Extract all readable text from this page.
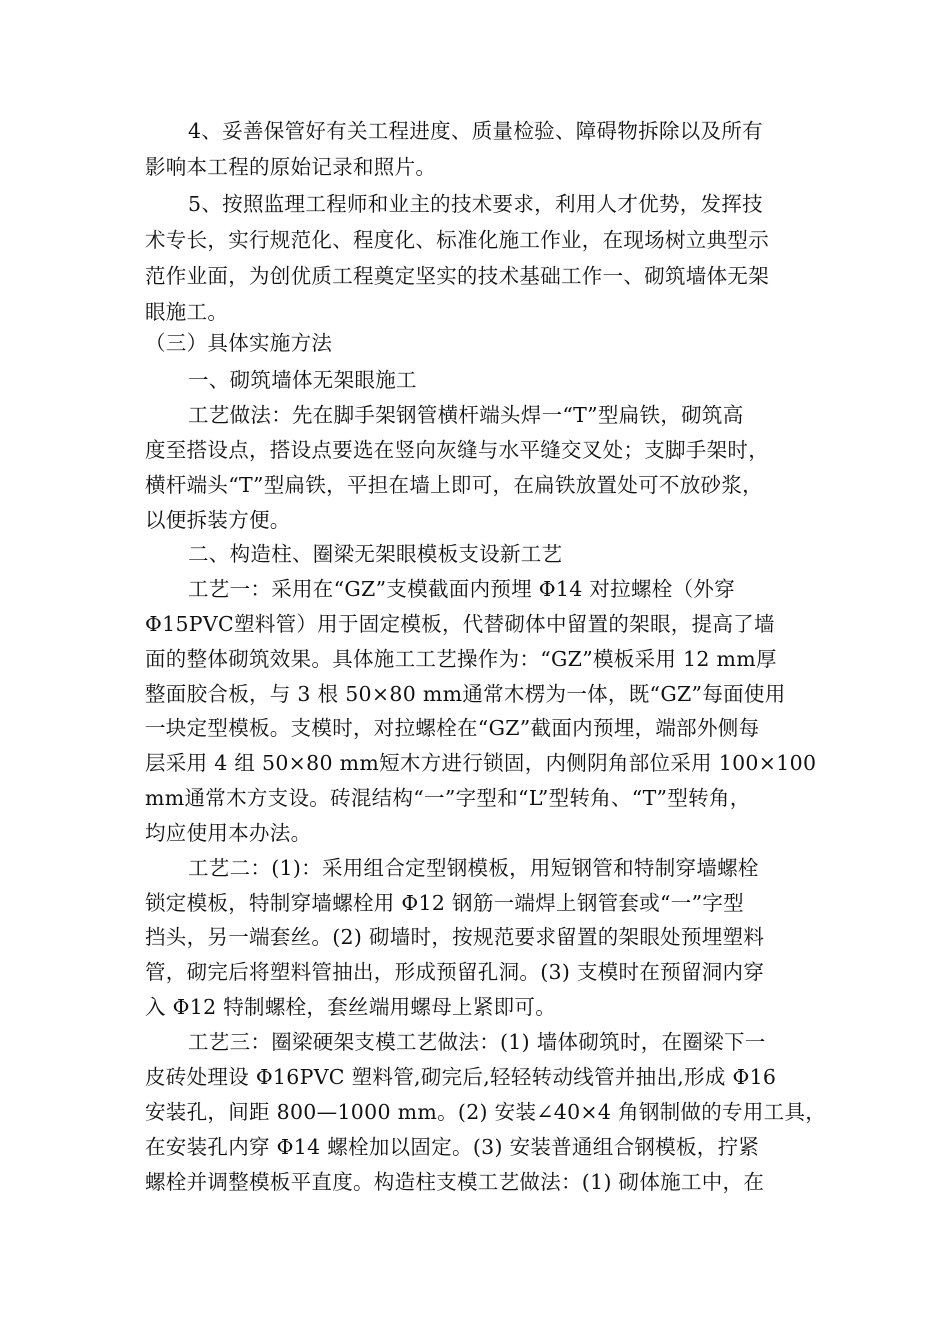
4、妥善保管好有关工程进度、质量检验、障碍物拆除以及所有
影响本工程的原始记录和照片。
5、按照监理工程师和业主的技术要求，利用人才优势，发挥技
术专长，实行规范化、程度化、标准化施工作业，在现场树立典型示
范作业面，为创优质工程奠定坚实的技术基础工作一、砌筑墙体无架
眼施工。
（三）具体实施方法
一、砌筑墙体无架眼施工
工艺做法：先在脚手架钢管横杆端头焊一“T”型扁铁，砌筑高
度至搭设点，搭设点要选在竖向灰缝与水平缝交叉处；支脚手架时，
横杆端头“T”型扁铁，平担在墙上即可，在扁铁放置处可不放砂浆，
以便拆装方便。
二、构造柱、圈梁无架眼模板支设新工艺
工艺一：采用在“GZ”支模截面内预埋 Φ14 对拉螺栓（外穿
Φ15PVC塑料管）用于固定模板，代替砌体中留置的架眼，提高了墙
面的整体砌筑效果。具体施工工艺操作为：“GZ”模板采用 12 mm厚
整面胶合板，与 3 根 50×80 mm通常木楞为一体，既“GZ”每面使用
一块定型模板。支模时，对拉螺栓在“GZ”截面内预埋，端部外侧每
层采用 4 组 50×80 mm短木方进行锁固，内侧阴角部位采用 100×100
mm通常木方支设。砖混结构“一”字型和“L”型转角、“T”型转角，
均应使用本办法。
工艺二：(1)：采用组合定型钢模板，用短钢管和特制穿墙螺栓
锁定模板，特制穿墙螺栓用 Φ12 钢筋一端焊上钢管套或“一”字型
挡头，另一端套丝。(2) 砌墙时，按规范要求留置的架眼处预埋塑料
管，砌完后将塑料管抽出，形成预留孔洞。(3) 支模时在预留洞内穿
入 Φ12 特制螺栓，套丝端用螺母上紧即可。
工艺三：圈梁硬架支模工艺做法：(1) 墙体砌筑时，在圈梁下一
皮砖处理设 Φ16PVC 塑料管,砌完后,轻轻转动线管并抽出,形成 Φ16
安装孔，间距 800—1000 mm。(2) 安装∠40×4 角钢制做的专用工具，
在安装孔内穿 Φ14 螺栓加以固定。(3) 安装普通组合钢模板，拧紧
螺栓并调整模板平直度。构造柱支模工艺做法：(1) 砌体施工中，在
